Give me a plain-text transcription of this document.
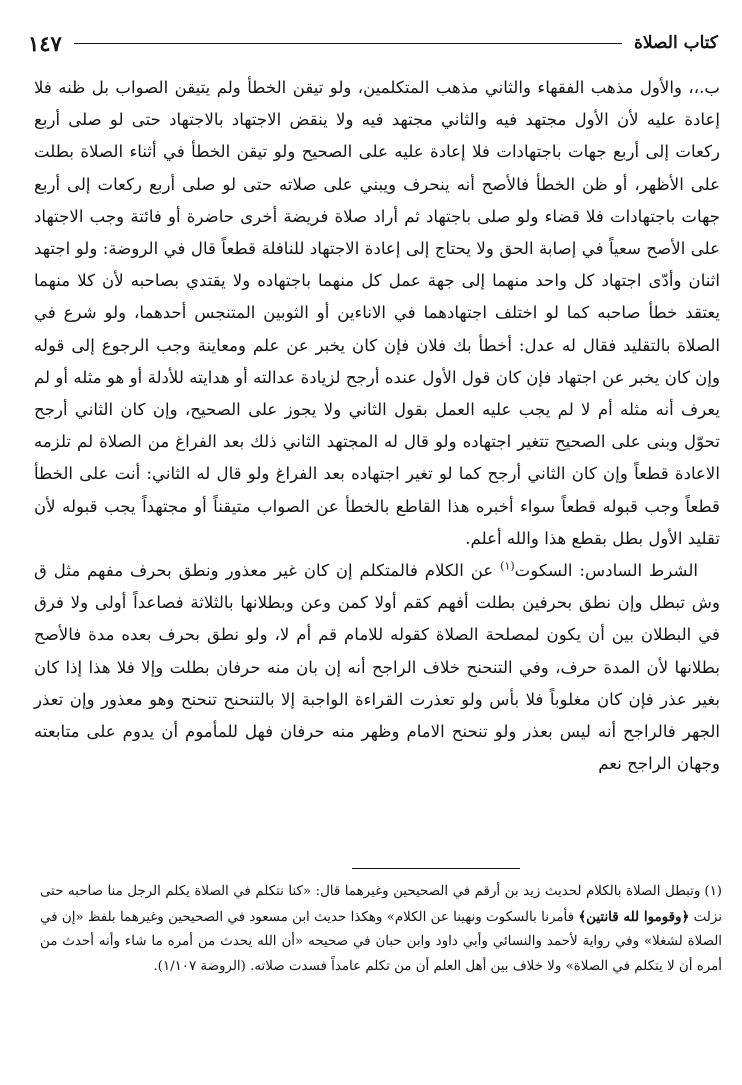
كتاب الصلاة
١٤٧

ب.،، والأول مذهب الفقهاء والثاني مذهب المتكلمين، ولو تيقن الخطأ ولم يتيقن الصواب بل ظنه فلا إعادة عليه لأن الأول مجتهد فيه والثاني مجتهد فيه ولا ينقض الاجتهاد بالاجتهاد حتى لو صلى أربع ركعات إلى أربع جهات باجتهادات فلا إعادة عليه على الصحيح ولو تيقن الخطأ في أثناء الصلاة بطلت على الأظهر، أو ظن الخطأ فالأصح أنه ينحرف ويبني على صلاته حتى لو صلى أربع ركعات إلى أربع جهات باجتهادات فلا قضاء ولو صلى باجتهاد ثم أراد صلاة فريضة أخرى حاضرة أو فائتة وجب الاجتهاد على الأصح سعياً في إصابة الحق ولا يحتاج إلى إعادة الاجتهاد للنافلة قطعاً قال في الروضة: ولو اجتهد اثنان وأدّى اجتهاد كل واحد منهما إلى جهة عمل كل منهما باجتهاده ولا يقتدي بصاحبه لأن كلا منهما يعتقد خطأ صاحبه كما لو اختلف اجتهادهما في الاناءين أو الثوبين المتنجس أحدهما، ولو شرع في الصلاة بالتقليد فقال له عدل: أخطأ بك فلان فإن كان يخبر عن علم ومعاينة وجب الرجوع إلى قوله وإن كان يخبر عن اجتهاد فإن كان قول الأول عنده أرجح لزيادة عدالته أو هدايته للأدلة أو هو مثله أو لم يعرف أنه مثله أم لا لم يجب عليه العمل بقول الثاني ولا يجوز على الصحيح، وإن كان الثاني أرجح تحوّل وبنى على الصحيح تتغير اجتهاده ولو قال له المجتهد الثاني ذلك بعد الفراغ من الصلاة لم تلزمه الاعادة قطعاً وإن كان الثاني أرجح كما لو تغير اجتهاده بعد الفراغ ولو قال له الثاني: أنت على الخطأ قطعاً وجب قبوله قطعاً سواء أخبره هذا القاطع بالخطأ عن الصواب متيقناً أو مجتهداً يجب قبوله لأن تقليد الأول بطل بقطع هذا والله أعلم.

الشرط السادس: السكوت$^{(١)}$ عن الكلام فالمتكلم إن كان غير معذور ونطق بحرف مفهم مثل ق وش تبطل وإن نطق بحرفين بطلت أفهم كقم أولا كمن وعن وبطلانها بالثلاثة فصاعداً أولى ولا فرق في البطلان بين أن يكون لمصلحة الصلاة كقوله للامام قم أم لا، ولو نطق بحرف بعده مدة فالأصح بطلانها لأن المدة حرف، وفي التنحنح خلاف الراجح أنه إن بان منه حرفان بطلت وإلا فلا هذا إذا كان بغير عذر فإن كان مغلوباً فلا بأس ولو تعذرت القراءة الواجبة إلا بالتنحنح تنحنح وهو معذور وإن تعذر الجهر فالراجح أنه ليس بعذر ولو تنحنح الامام وظهر منه حرفان فهل للمأموم أن يدوم على متابعته وجهان الراجح نعم

(١)وتبطل الصلاة بالكلام لحديث زيد بن أرقم في الصحيحين وغيرهما قال: «كنا نتكلم في الصلاة يكلم الرجل منا صاحبه حتى نزلت ﴿وقوموا لله قانتين﴾ فأمرنا بالسكوت ونهينا عن الكلام» وهكذا حديث ابن مسعود في الصحيحين وغيرهما بلفظ «إن في الصلاة لشغلا» وفي رواية لأحمد والنسائي وأبي داود وابن حبان في صحيحه «أن الله يحدث من أمره ما شاء وأنه أحدث من أمره أن لا يتكلم في الصلاة» ولا خلاف بين أهل العلم أن من تكلم عامداً فسدت صلاته. (الروضة ١/١٠٧).
